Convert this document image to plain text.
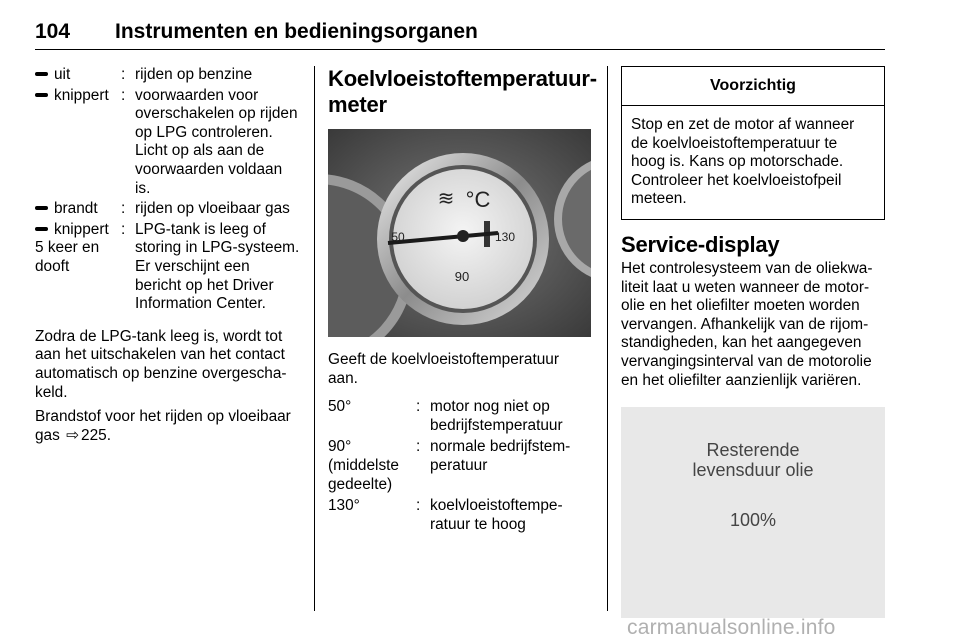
104 Instrumenten en bedieningsorganen
uit	:	rijden op benzine

knippert	:	voorwaarden voor overschakelen op rijden op LPG controleren. Licht op als aan de voorwaarden voldaan is.

brandt	:	rijden op vloeibaar gas

knippert 5 keer en dooft	:	LPG-tank is leeg of storing in LPG-systeem. Er verschijnt een bericht op het Driver Information Center.

Zodra de LPG-tank leeg is, wordt tot aan het uitschakelen van het contact automatisch op benzine overgeschakeld.

Brandstof voor het rijden op vloeibaar gas ⇨ 225.

Koelvloeistoftemperatuurmeter
≋ °C
50
90
130

Geeft de koelvloeistoftemperatuur aan.

50°	:	motor nog niet op bedrijfstemperatuur
90° (middelste gedeelte)	:	normale bedrijfstemperatuur
130°	:	koelvloeistoftemperatuur te hoog
Voorzichtig
Stop en zet de motor af wanneer de koelvloeistoftemperatuur te hoog is. Kans op motorschade. Controleer het koelvloeistofpeil meteen.
Service-display

Het controlesysteem van de oliekwaliteit laat u weten wanneer de motorolie en het oliefilter moeten worden vervangen. Afhankelijk van de rijomstandigheden, kan het aangegeven vervangingsinterval van de motorolie en het oliefilter aanzienlijk variëren.

Resterende
levensduur olie
100%
carmanualsonline.info
